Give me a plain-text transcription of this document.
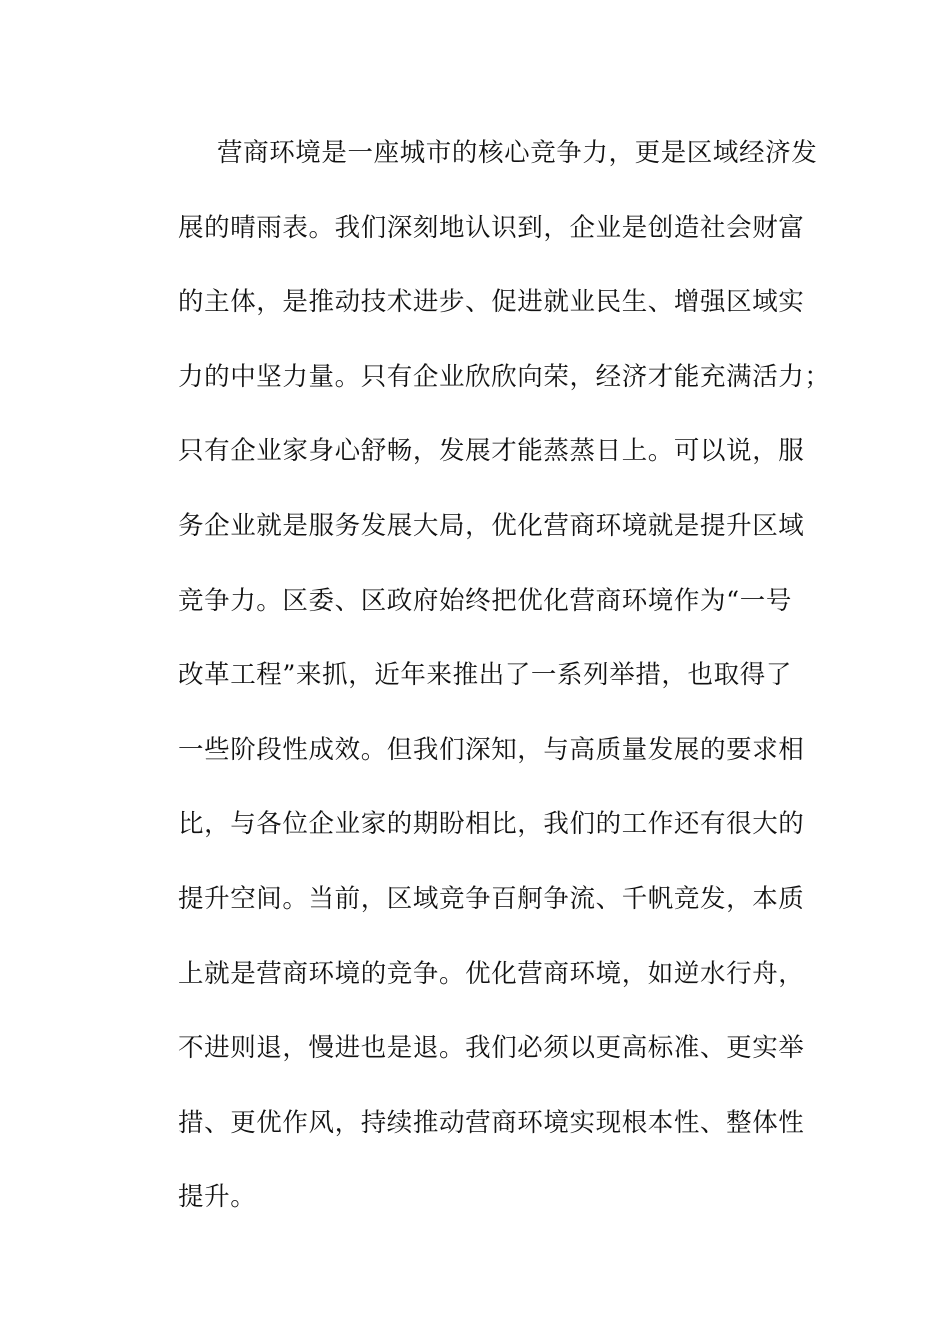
营商环境是一座城市的核心竞争力，更是区域经济发
展的晴雨表。我们深刻地认识到，企业是创造社会财富
的主体，是推动技术进步、促进就业民生、增强区域实
力的中坚力量。只有企业欣欣向荣，经济才能充满活力；
只有企业家身心舒畅，发展才能蒸蒸日上。可以说，服
务企业就是服务发展大局，优化营商环境就是提升区域
竞争力。区委、区政府始终把优化营商环境作为“一号
改革工程”来抓，近年来推出了一系列举措，也取得了
一些阶段性成效。但我们深知，与高质量发展的要求相
比，与各位企业家的期盼相比，我们的工作还有很大的
提升空间。当前，区域竞争百舸争流、千帆竞发，本质
上就是营商环境的竞争。优化营商环境，如逆水行舟，
不进则退，慢进也是退。我们必须以更高标准、更实举
措、更优作风，持续推动营商环境实现根本性、整体性
提升。
